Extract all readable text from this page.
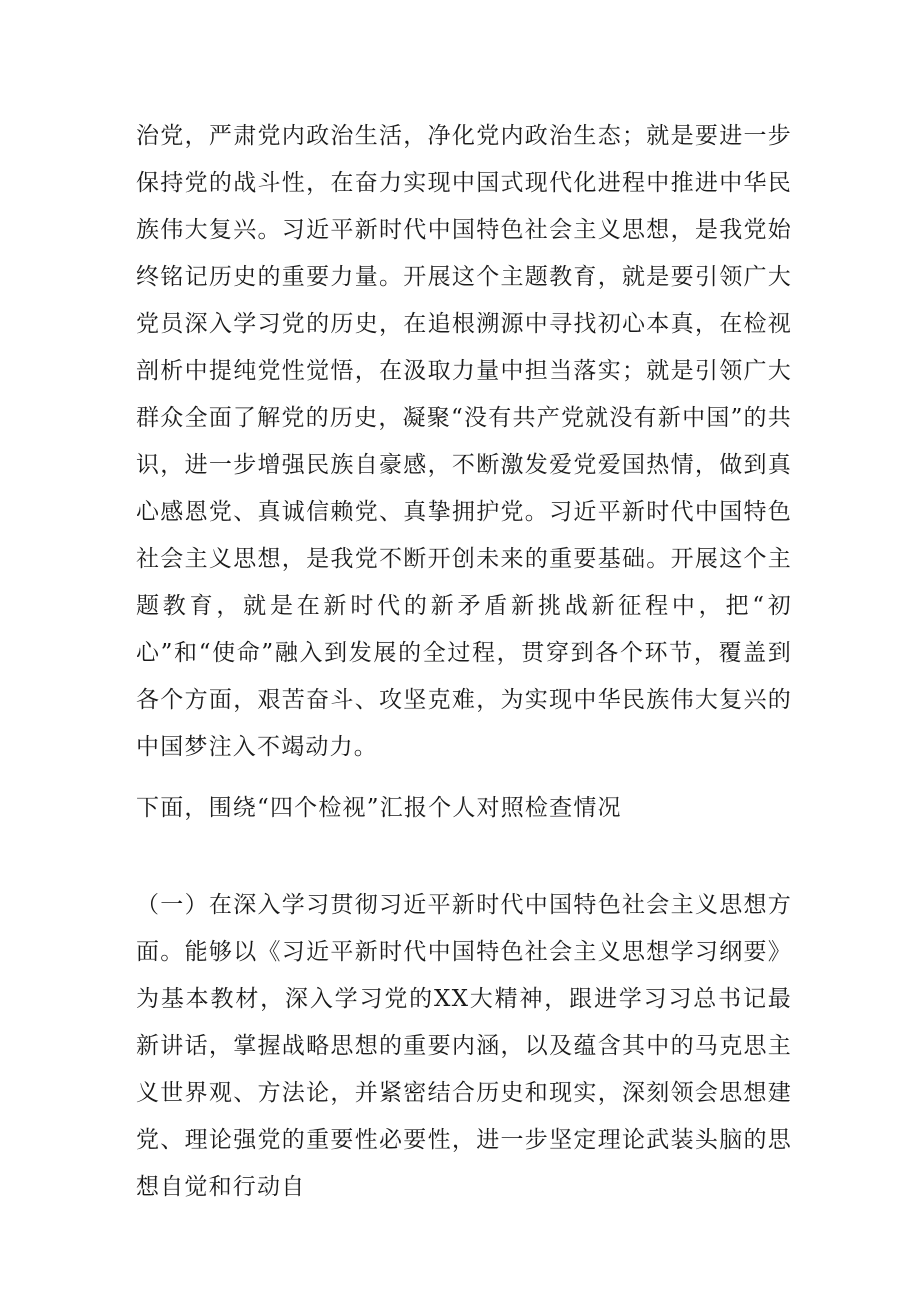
治党，严肃党内政治生活，净化党内政治生态；就是要进一步保持党的战斗性，在奋力实现中国式现代化进程中推进中华民族伟大复兴。习近平新时代中国特色社会主义思想，是我党始终铭记历史的重要力量。开展这个主题教育，就是要引领广大党员深入学习党的历史，在追根溯源中寻找初心本真，在检视剖析中提纯党性觉悟，在汲取力量中担当落实；就是引领广大群众全面了解党的历史，凝聚“没有共产党就没有新中国”的共识，进一步增强民族自豪感，不断激发爱党爱国热情，做到真心感恩党、真诚信赖党、真挚拥护党。习近平新时代中国特色社会主义思想，是我党不断开创未来的重要基础。开展这个主题教育，就是在新时代的新矛盾新挑战新征程中，把“初心”和“使命”融入到发展的全过程，贯穿到各个环节，覆盖到各个方面，艰苦奋斗、攻坚克难，为实现中华民族伟大复兴的中国梦注入不竭动力。

下面，围绕“四个检视”汇报个人对照检查情况

（一）在深入学习贯彻习近平新时代中国特色社会主义思想方面。能够以《习近平新时代中国特色社会主义思想学习纲要》为基本教材，深入学习党的XX大精神，跟进学习习总书记最新讲话，掌握战略思想的重要内涵，以及蕴含其中的马克思主义世界观、方法论，并紧密结合历史和现实，深刻领会思想建党、理论强党的重要性必要性，进一步坚定理论武装头脑的思想自觉和行动自
